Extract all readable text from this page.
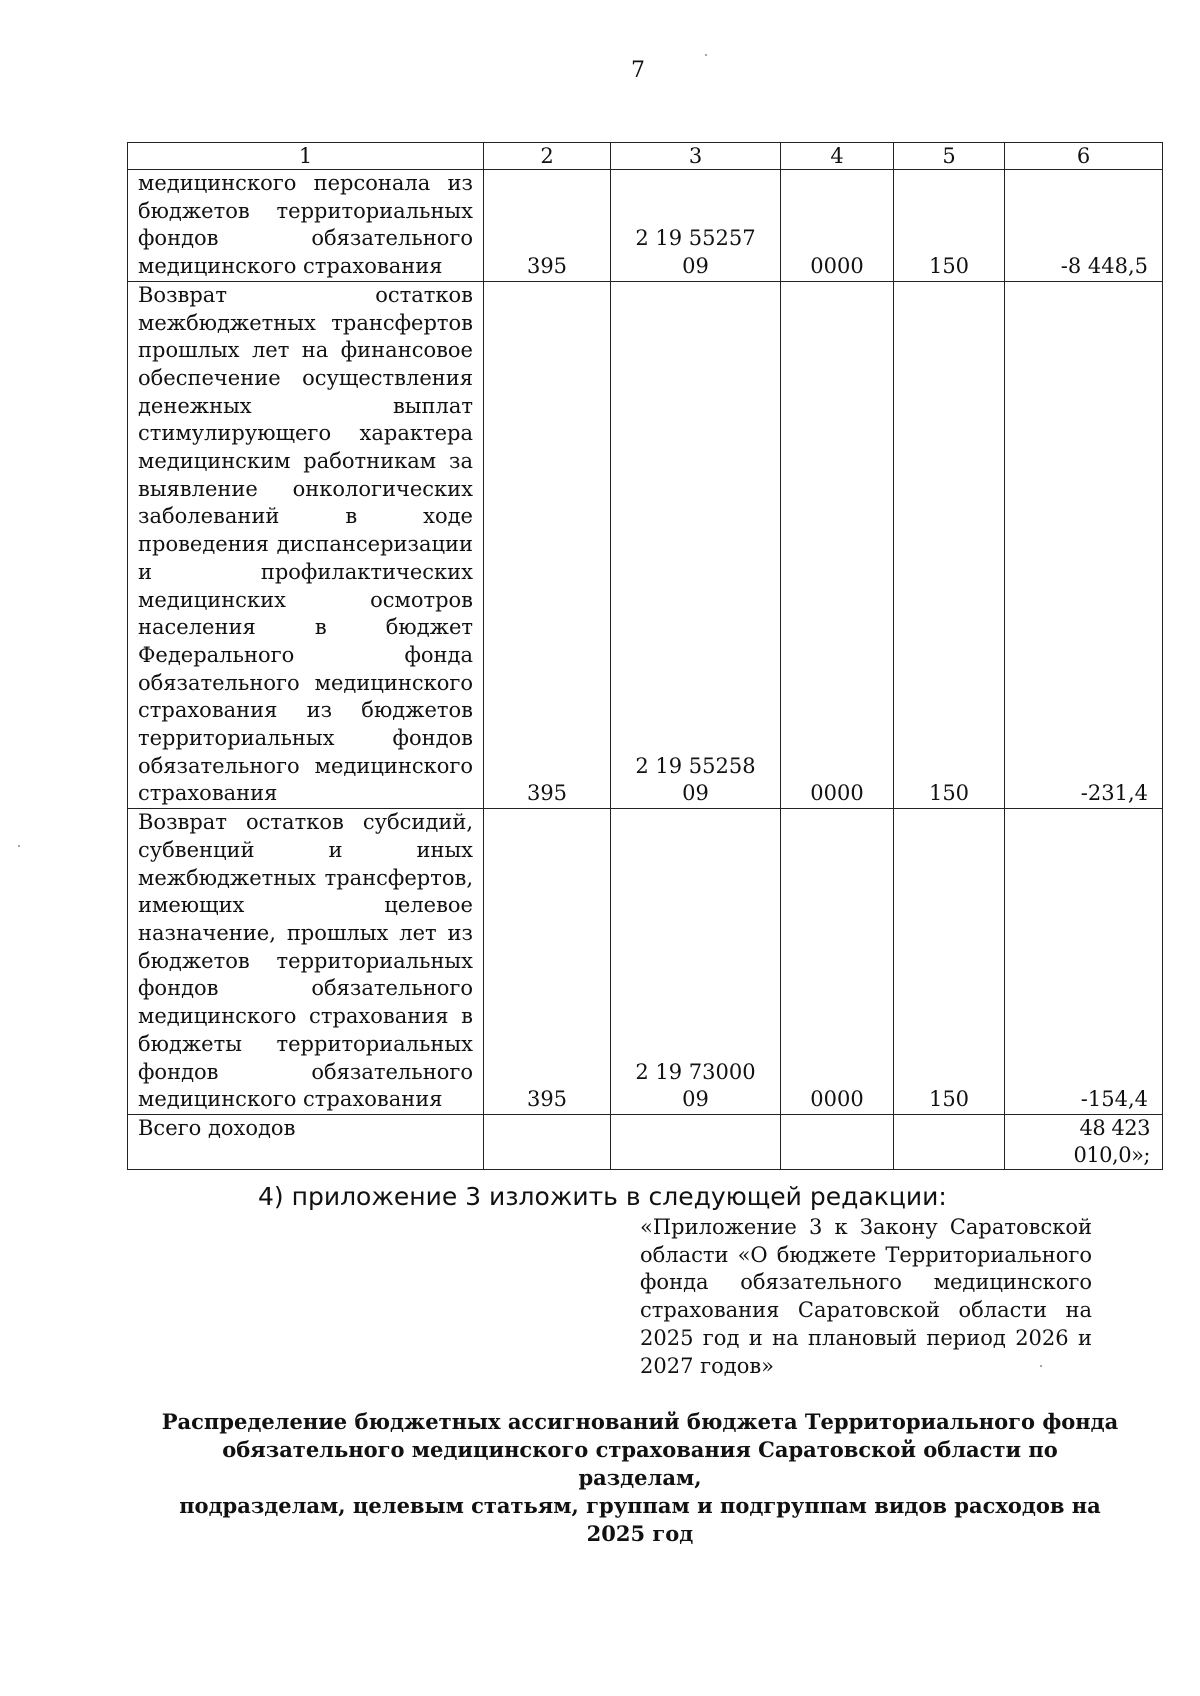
7
1	2	3	4	5	6
медицинского персонала из бюджетов территориальных фондов обязательного медицинского страхования	395	2 19 55257 09	0000	150	-8 448,5
Возврат остатков межбюджетных трансфертов прошлых лет на финансовое обеспечение осуществления денежных выплат стимулирующего характера медицинским работникам за выявление онкологических заболеваний в ходе проведения диспансеризации и профилактических медицинских осмотров населения в бюджет Федерального фонда обязательного медицинского страхования из бюджетов территориальных фондов обязательного медицинского страхования	395	2 19 55258 09	0000	150	-231,4
Возврат остатков субсидий, субвенций и иных межбюджетных трансфертов, имеющих целевое назначение, прошлых лет из бюджетов территориальных фондов обязательного медицинского страхования в бюджеты территориальных фондов обязательного медицинского страхования	395	2 19 73000 09	0000	150	-154,4
Всего доходов					48 423 010,0»;
4) приложение 3 изложить в следующей редакции:
«Приложение 3 к Закону Саратовской области «О бюджете Территориального фонда обязательного медицинского страхования Саратовской области на 2025 год и на плановый период 2026 и 2027 годов»
Распределение бюджетных ассигнований бюджета Территориального фонда
обязательного медицинского страхования Саратовской области по разделам,
подразделам, целевым статьям, группам и подгруппам видов расходов на 2025 год
